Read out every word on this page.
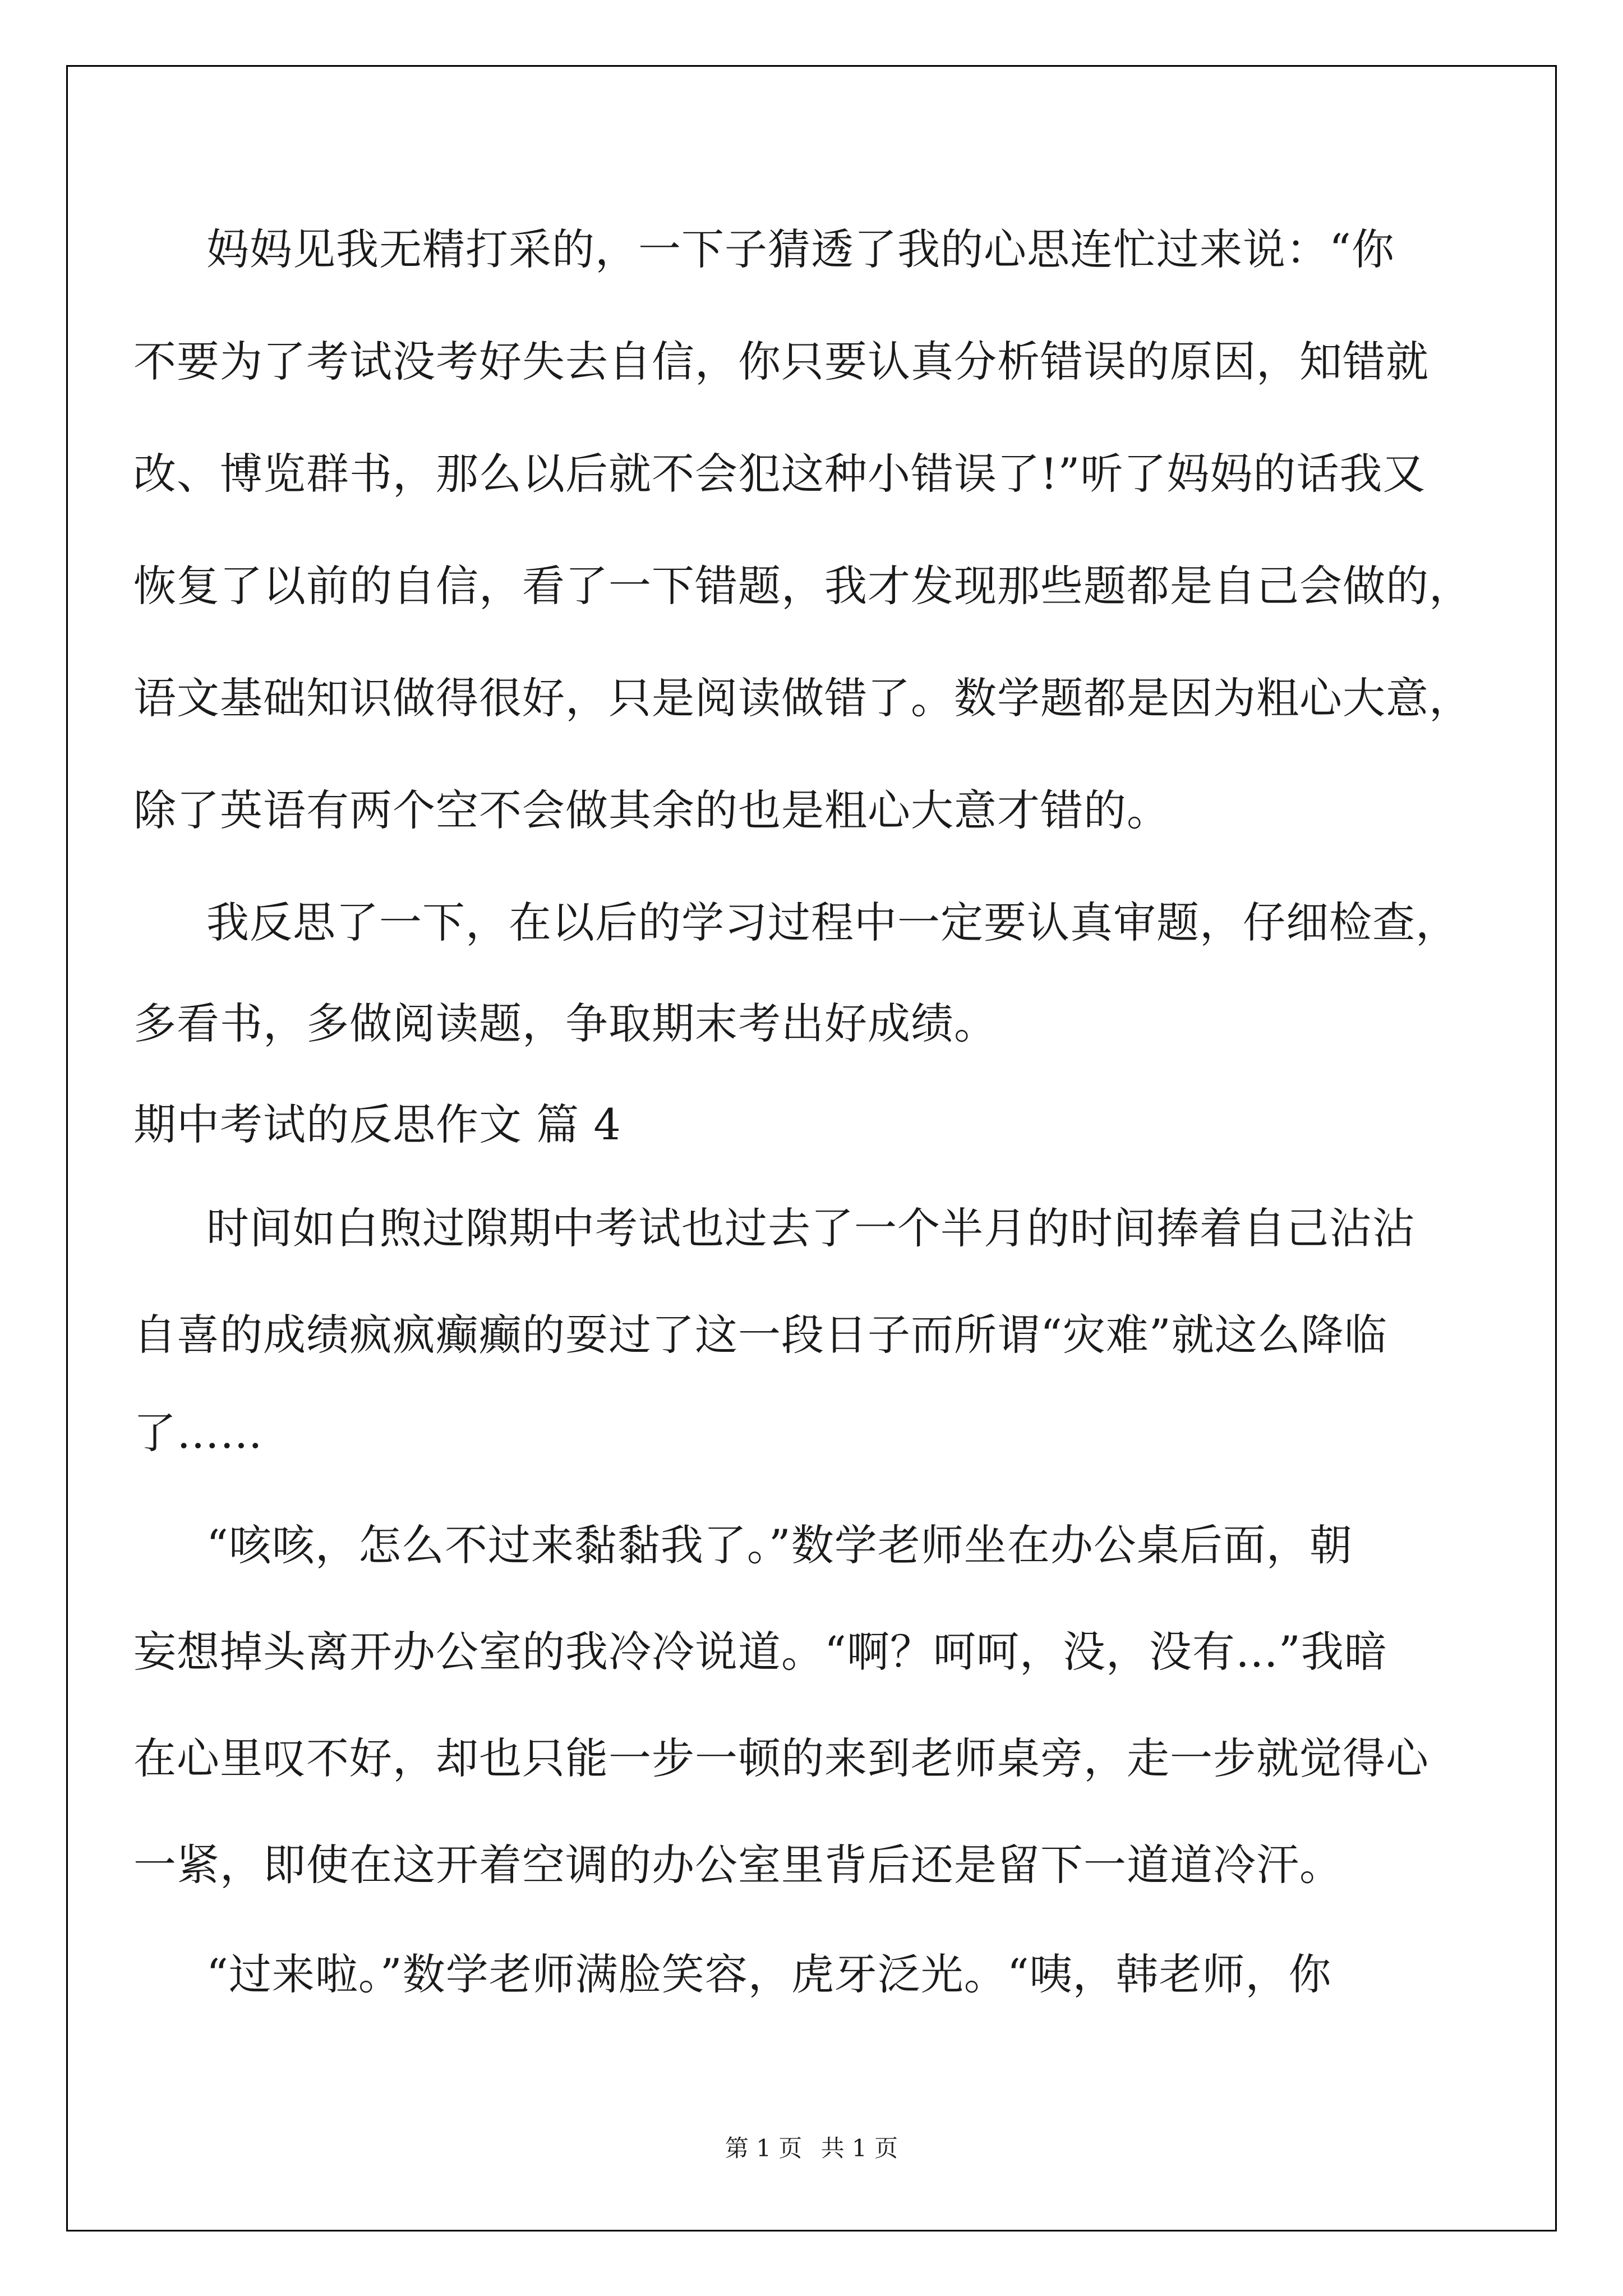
妈妈见我无精打采的，一下子猜透了我的心思连忙过来说：“你
不要为了考试没考好失去自信，你只要认真分析错误的原因，知错就
改、博览群书，那么以后就不会犯这种小错误了!”听了妈妈的话我又
恢复了以前的自信，看了一下错题，我才发现那些题都是自己会做的，
语文基础知识做得很好，只是阅读做错了。数学题都是因为粗心大意，
除了英语有两个空不会做其余的也是粗心大意才错的。
我反思了一下，在以后的学习过程中一定要认真审题，仔细检查，
多看书，多做阅读题，争取期末考出好成绩。
期中考试的反思作文 篇 4
时间如白煦过隙期中考试也过去了一个半月的时间捧着自己沾沾
自喜的成绩疯疯癫癫的耍过了这一段日子而所谓“灾难”就这么降临
了……
“咳咳，怎么不过来黏黏我了。”数学老师坐在办公桌后面，朝
妄想掉头离开办公室的我冷冷说道。“啊？呵呵，没，没有…”我暗
在心里叹不好，却也只能一步一顿的来到老师桌旁，走一步就觉得心
一紧，即使在这开着空调的办公室里背后还是留下一道道冷汗。
“过来啦。”数学老师满脸笑容，虎牙泛光。“咦，韩老师，你
第 1 页 共 1 页
